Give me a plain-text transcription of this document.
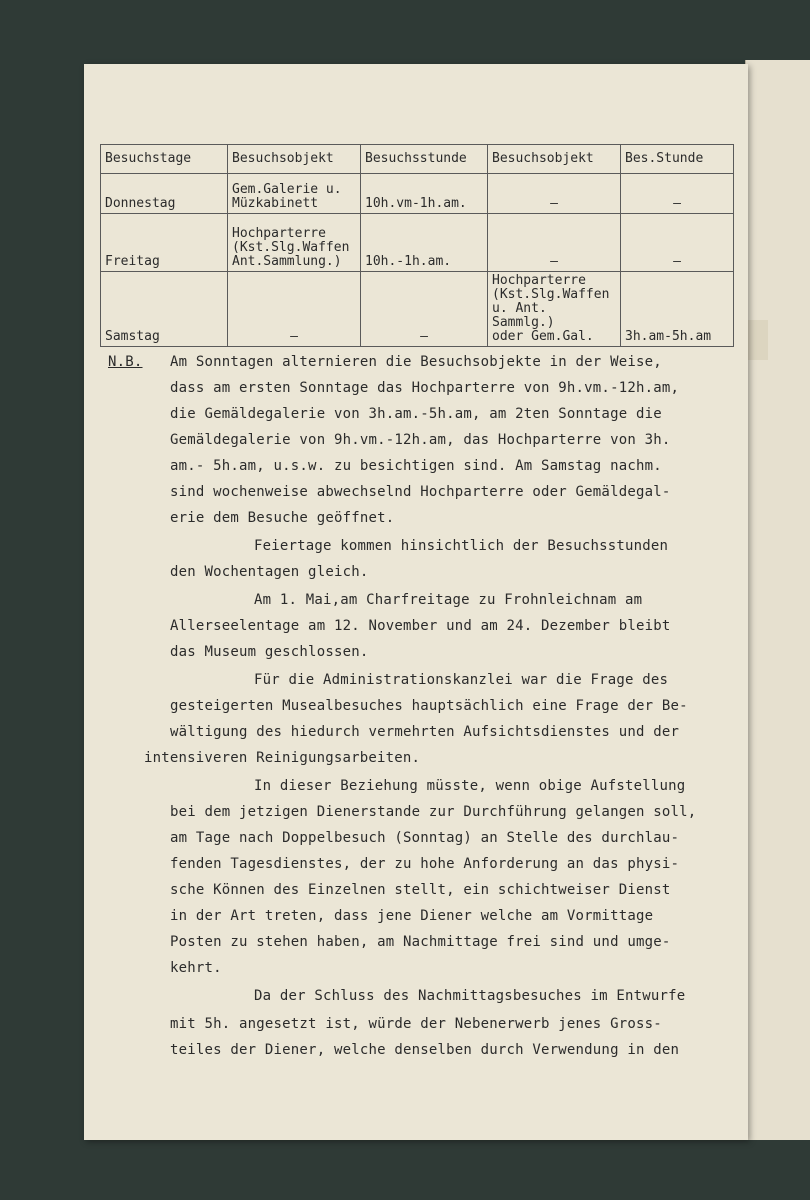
Besuchstage	Besuchsobjekt	Besuchsstunde	Besuchsobjekt	Bes.Stunde
Donnestag	Gem.Galerie u.
Müzkabinett	10h.vm-1h.am.	–	–
Freitag	Hochparterre
(Kst.Slg.Waffen
Ant.Sammlung.)	10h.-1h.am.	–	–
Samstag	—	—	Hochparterre
(Kst.Slg.Waffen
u. Ant. Sammlg.)
oder Gem.Gal.	3h.am-5h.am
N.B. Am Sonntagen alternieren die Besuchsobjekte in der Weise,
dass am ersten Sonntage das Hochparterre von 9h.vm.-12h.am,
die Gemäldegalerie von 3h.am.-5h.am, am 2ten Sonntage die
Gemäldegalerie von 9h.vm.-12h.am, das Hochparterre von 3h.
am.- 5h.am, u.s.w. zu besichtigen sind. Am Samstag nachm.
sind wochenweise abwechselnd Hochparterre oder Gemäldegal-
erie dem Besuche geöffnet.
Feiertage kommen hinsichtlich der Besuchsstunden
den Wochentagen gleich.
Am 1. Mai,am Charfreitage zu Frohnleichnam am
Allerseelentage am 12. November und am 24. Dezember bleibt
das Museum geschlossen.
Für die Administrationskanzlei war die Frage des
gesteigerten Musealbesuches hauptsächlich eine Frage der Be-
wältigung des hiedurch vermehrten Aufsichtsdienstes und der
intensiveren Reinigungsarbeiten.
In dieser Beziehung müsste, wenn obige Aufstellung
bei dem jetzigen Dienerstande zur Durchführung gelangen soll,
am Tage nach Doppelbesuch (Sonntag) an Stelle des durchlau-
fenden Tagesdienstes, der zu hohe Anforderung an das physi-
sche Können des Einzelnen stellt, ein schichtweiser Dienst
in der Art treten, dass jene Diener welche am Vormittage
Posten zu stehen haben, am Nachmittage frei sind und umge-
kehrt.
Da der Schluss des Nachmittagsbesuches im Entwurfe
mit 5h. angesetzt ist, würde der Nebenerwerb jenes Gross-
teiles der Diener, welche denselben durch Verwendung in den
